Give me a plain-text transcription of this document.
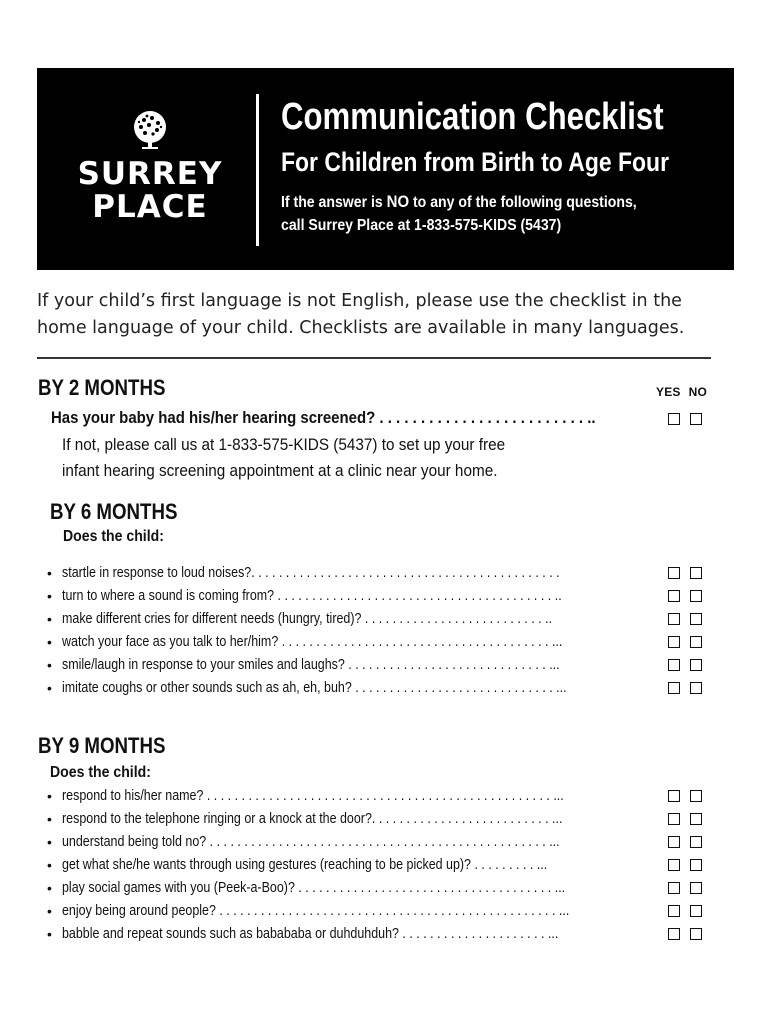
SURREY
PLACE
Communication Checklist
For Children from Birth to Age Four
If the answer is NO to any of the following questions,
call Surrey Place at 1-833-575-KIDS (5437)
If your child’s first language is not English, please use the checklist in the
home language of your child. Checklists are available in many languages.
BY 2 MONTHS	YES NO
Has your baby had his/her hearing screened? . . . . . . . . . . . . . . . . . . . . . . . . . ..
If not, please call us at 1-833-575-KIDS (5437) to set up your free
infant hearing screening appointment at a clinic near your home.
BY 6 MONTHS
Does the child:
• startle in response to loud noises?. . . . . . . . . . . . . . . . . . . . . . . . . . . . . . . . . . . . . . . . . . . . .
• turn to where a sound is coming from? . . . . . . . . . . . . . . . . . . . . . . . . . . . . . . . . . . . . . . . . ..
• make different cries for different needs (hungry, tired)? . . . . . . . . . . . . . . . . . . . . . . . . . . ..
• watch your face as you talk to her/him? . . . . . . . . . . . . . . . . . . . . . . . . . . . . . . . . . . . . . . . ...
• smile/laugh in response to your smiles and laughs? . . . . . . . . . . . . . . . . . . . . . . . . . . . . . ...
• imitate coughs or other sounds such as ah, eh, buh? . . . . . . . . . . . . . . . . . . . . . . . . . . . . . ...
BY 9 MONTHS
Does the child:
• respond to his/her name? . . . . . . . . . . . . . . . . . . . . . . . . . . . . . . . . . . . . . . . . . . . . . . . . . . ...
• respond to the telephone ringing or a knock at the door?. . . . . . . . . . . . . . . . . . . . . . . . . . ...
• understand being told no? . . . . . . . . . . . . . . . . . . . . . . . . . . . . . . . . . . . . . . . . . . . . . . . . . ...
• get what she/he wants through using gestures (reaching to be picked up)? . . . . . . . . . ...
• play social games with you (Peek-a-Boo)? . . . . . . . . . . . . . . . . . . . . . . . . . . . . . . . . . . . . . ...
• enjoy being around people? . . . . . . . . . . . . . . . . . . . . . . . . . . . . . . . . . . . . . . . . . . . . . . . . . ...
• babble and repeat sounds such as babababa or duhduhduh? . . . . . . . . . . . . . . . . . . . . . ...
